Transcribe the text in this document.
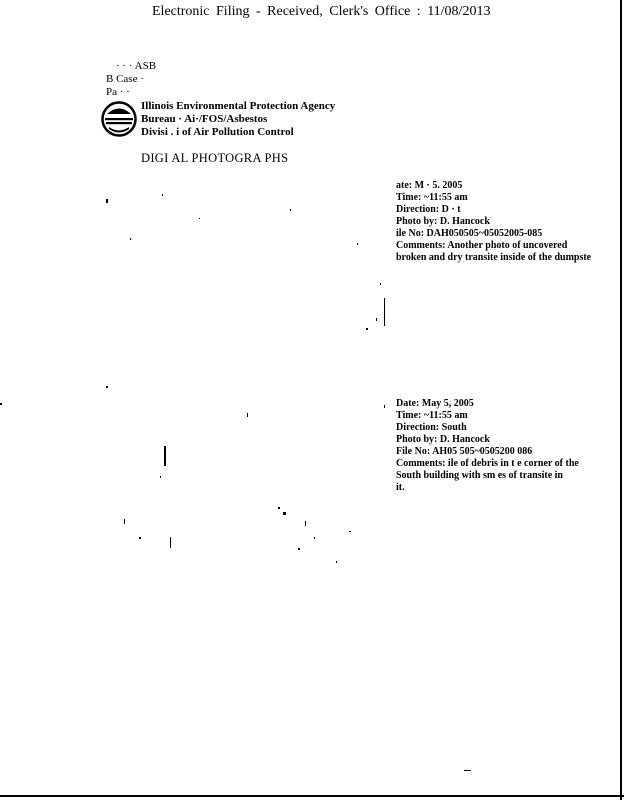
Electronic Filing - Received, Clerk's Office : 11/08/2013
· · · ASB
B Case ·
Pa · ·
Illinois Environmental Protection Agency
Bureau · Ai·/FOS/Asbestos
Divisi . i of Air Pollution Control
DIGI AL PHOTOGRA PHS
ate: M · 5. 2005
Time: ~11:55 am
Direction: D · t
Photo by: D. Hancock
ile No: DAH050505~05052005-085
Comments: Another photo of uncovered
broken and dry transite inside of the dumpste
Date: May 5, 2005
Time: ~11:55 am
Direction: South
Photo by: D. Hancock
File No: AH05 505~0505200 086
Comments: ile of debris in t e corner of the
South building with sm es of transite in
it.
